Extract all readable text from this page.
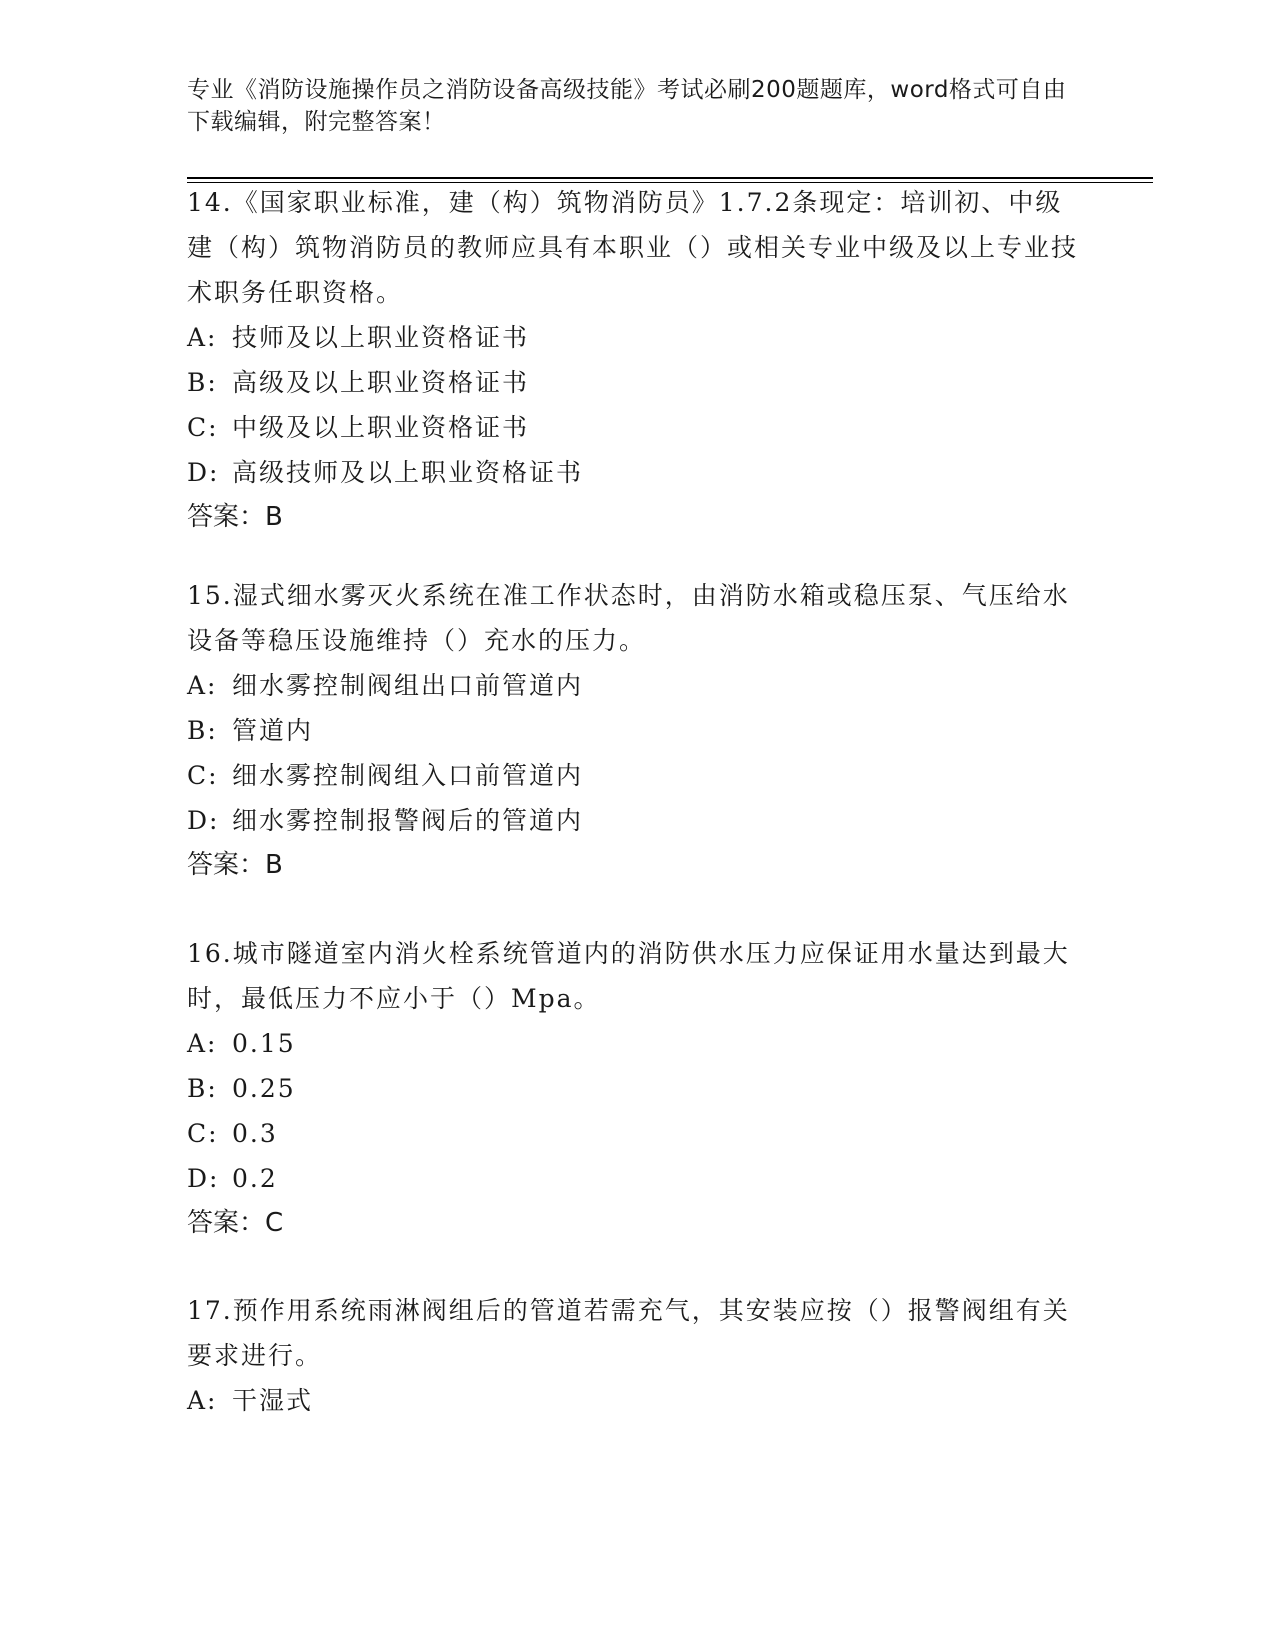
专业《消防设施操作员之消防设备高级技能》考试必刷200题题库，word格式可自由下载编辑，附完整答案！

14.《国家职业标准，建（构）筑物消防员》1.7.2条现定：培训初、中级建（构）筑物消防员的教师应具有本职业（）或相关专业中级及以上专业技术职务任职资格。

A: 技师及以上职业资格证书

B: 高级及以上职业资格证书

C: 中级及以上职业资格证书

D: 高级技师及以上职业资格证书

答案：B

15.湿式细水雾灭火系统在准工作状态时，由消防水箱或稳压泵、气压给水设备等稳压设施维持（）充水的压力。

A: 细水雾控制阀组出口前管道内

B: 管道内

C: 细水雾控制阀组入口前管道内

D: 细水雾控制报警阀后的管道内

答案：B

16.城市隧道室内消火栓系统管道内的消防供水压力应保证用水量达到最大时，最低压力不应小于（）Mpa。

A: 0.15

B: 0.25

C: 0.3

D: 0.2

答案：C

17.预作用系统雨淋阀组后的管道若需充气，其安装应按（）报警阀组有关要求进行。

A: 干湿式
